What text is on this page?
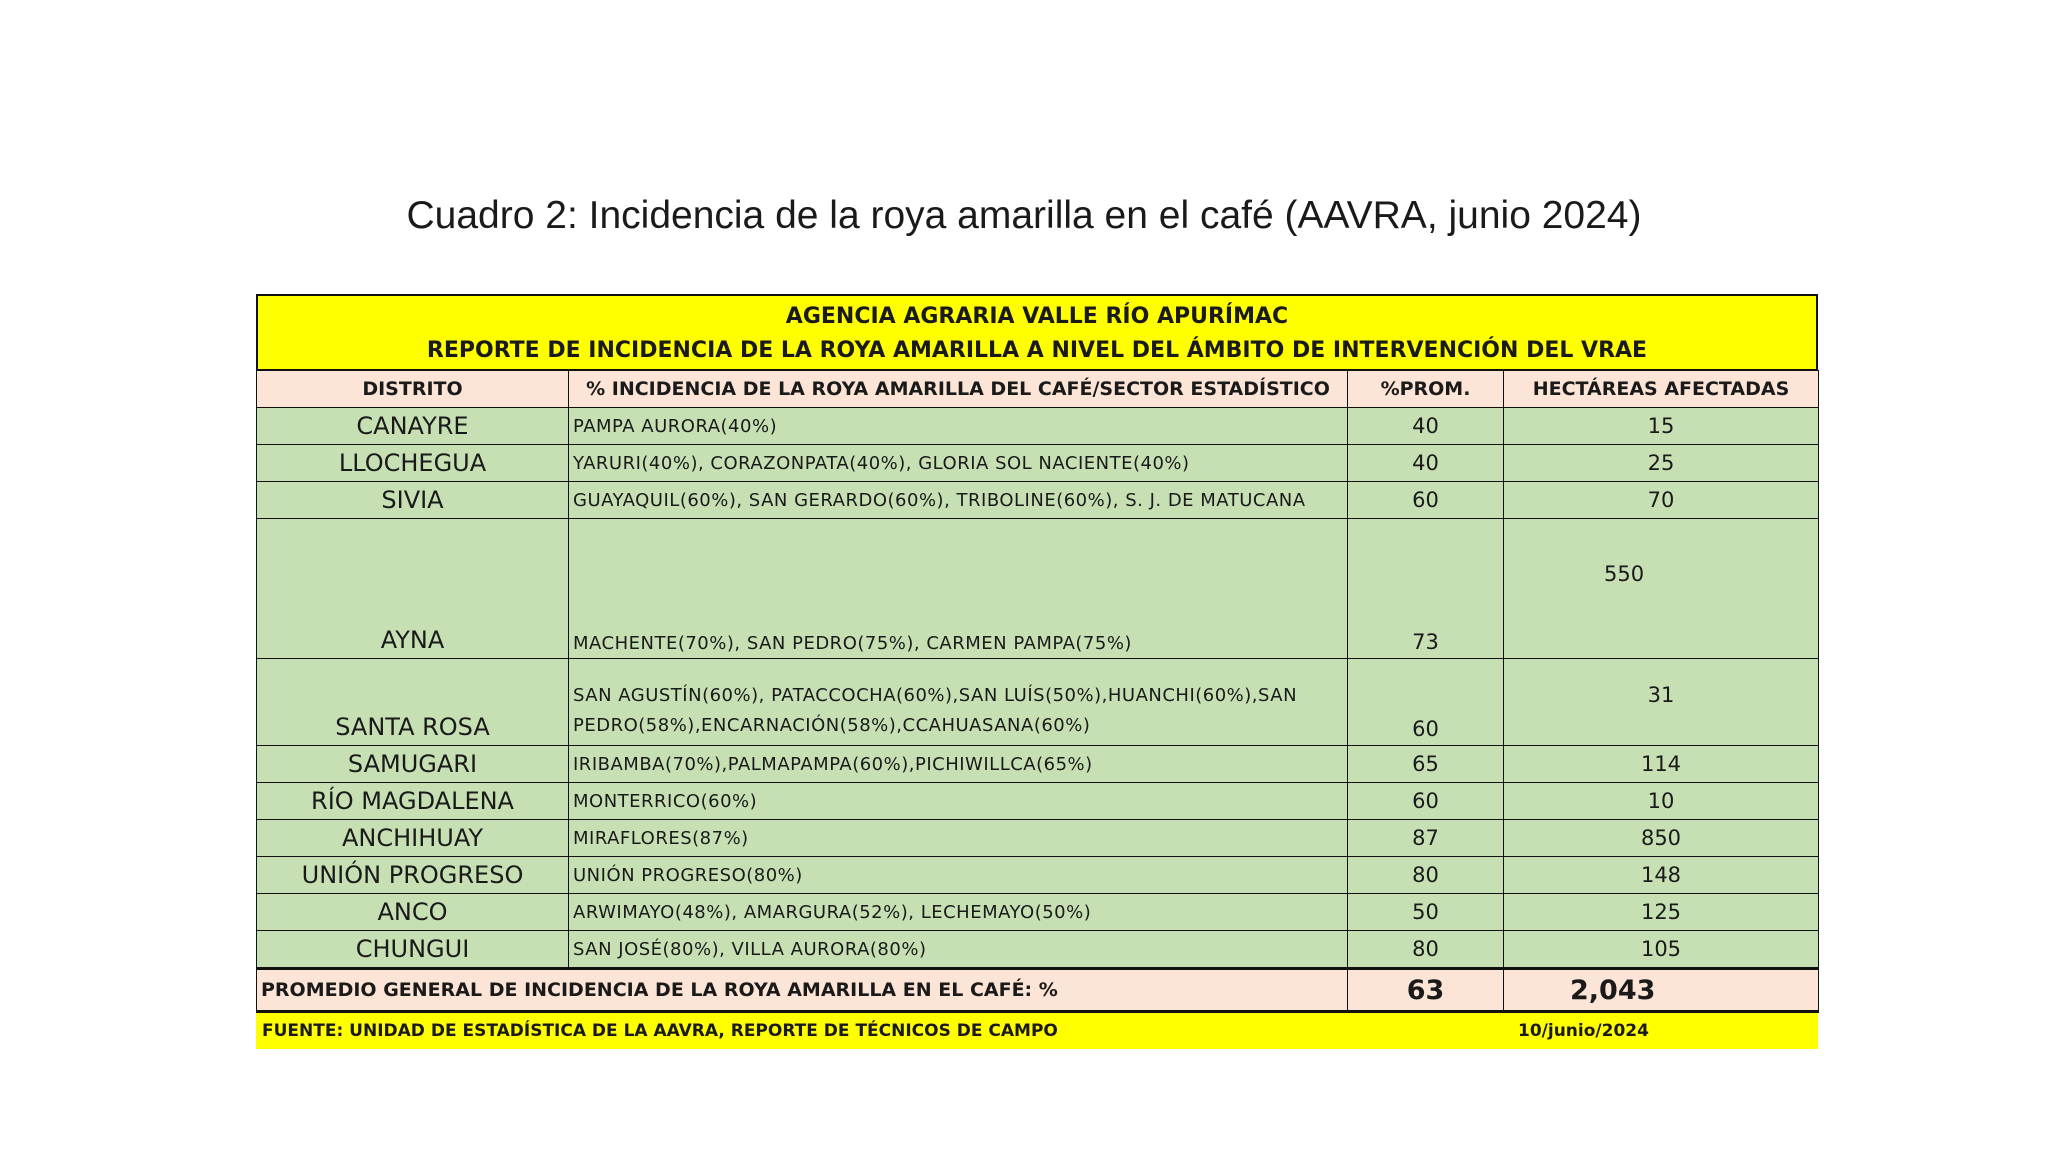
Cuadro 2: Incidencia de la roya amarilla en el café (AAVRA, junio 2024)
AGENCIA AGRARIA VALLE RÍO APURÍMAC
REPORTE DE INCIDENCIA DE LA ROYA AMARILLA A NIVEL DEL ÁMBITO DE INTERVENCIÓN DEL VRAE
DISTRITO	% INCIDENCIA DE LA ROYA AMARILLA DEL CAFÉ/SECTOR ESTADÍSTICO	%PROM.	HECTÁREAS AFECTADAS
CANAYRE	PAMPA AURORA(40%)	40	15
LLOCHEGUA	YARURI(40%), CORAZONPATA(40%), GLORIA SOL NACIENTE(40%)	40	25
SIVIA	GUAYAQUIL(60%), SAN GERARDO(60%), TRIBOLINE(60%), S. J. DE MATUCANA	60	70
AYNA	MACHENTE(70%), SAN PEDRO(75%), CARMEN PAMPA(75%)	73	550
SANTA ROSA	SAN AGUSTÍN(60%), PATACCOCHA(60%),SAN LUÍS(50%),HUANCHI(60%),SAN PEDRO(58%),ENCARNACIÓN(58%),CCAHUASANA(60%)	60	31
SAMUGARI	IRIBAMBA(70%),PALMAPAMPA(60%),PICHIWILLCA(65%)	65	114
RÍO MAGDALENA	MONTERRICO(60%)	60	10
ANCHIHUAY	MIRAFLORES(87%)	87	850
UNIÓN PROGRESO	UNIÓN PROGRESO(80%)	80	148
ANCO	ARWIMAYO(48%), AMARGURA(52%), LECHEMAYO(50%)	50	125
CHUNGUI	SAN JOSÉ(80%), VILLA AURORA(80%)	80	105
PROMEDIO GENERAL DE INCIDENCIA DE LA ROYA AMARILLA EN EL CAFÉ: %		63	2,043
FUENTE: UNIDAD DE ESTADÍSTICA DE LA AAVRA, REPORTE DE TÉCNICOS DE CAMPO	10/junio/2024
